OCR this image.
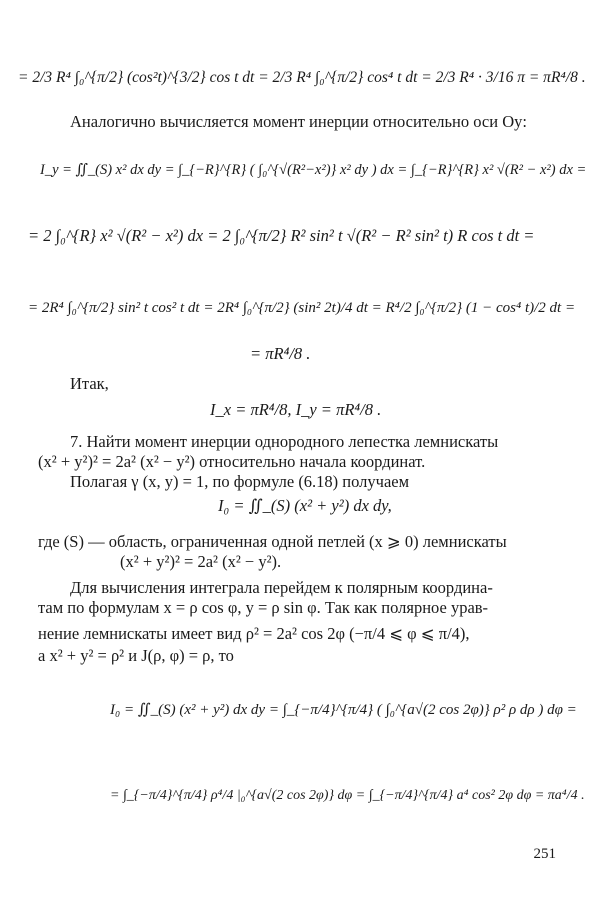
= 2/3 R⁴ ∫₀^{π/2} (cos²t)^{3/2} cos t dt = 2/3 R⁴ ∫₀^{π/2} cos⁴ t dt = 2/3 R⁴ · 3/16 π = πR⁴/8 .
Аналогично вычисляется момент инерции относительно оси Oy:
I_y = ∬_(S) x² dx dy = ∫_{−R}^{R} ( ∫₀^{√(R²−x²)} x² dy ) dx = ∫_{−R}^{R} x² √(R² − x²) dx =
= 2 ∫₀^{R} x² √(R² − x²) dx = 2 ∫₀^{π/2} R² sin² t √(R² − R² sin² t) R cos t dt =
= 2R⁴ ∫₀^{π/2} sin² t cos² t dt = 2R⁴ ∫₀^{π/2} (sin² 2t)/4 dt = R⁴/2 ∫₀^{π/2} (1 − cos⁴ t)/2 dt =
= πR⁴/8 .
Итак,
I_x = πR⁴/8, I_y = πR⁴/8 .
7. Найти момент инерции однородного лепестка лемнискаты
(x² + y²)² = 2a² (x² − y²) относительно начала координат.
Полагая γ (x, y) = 1, по формуле (6.18) получаем
I₀ = ∬_(S) (x² + y²) dx dy,
где (S) — область, ограниченная одной петлей (x ⩾ 0) лемнискаты
(x² + y²)² = 2a² (x² − y²).
Для вычисления интеграла перейдем к полярным координа-
там по формулам x = ρ cos φ, y = ρ sin φ. Так как полярное урав-
нение лемнискаты имеет вид ρ² = 2a² cos 2φ (−π/4 ⩽ φ ⩽ π/4),
а x² + y² = ρ² и J(ρ, φ) = ρ, то
I₀ = ∬_(S) (x² + y²) dx dy = ∫_{−π/4}^{π/4} ( ∫₀^{a√(2 cos 2φ)} ρ² ρ dρ ) dφ =
= ∫_{−π/4}^{π/4} ρ⁴/4 |₀^{a√(2 cos 2φ)} dφ = ∫_{−π/4}^{π/4} a⁴ cos² 2φ dφ = πa⁴/4 .
251
